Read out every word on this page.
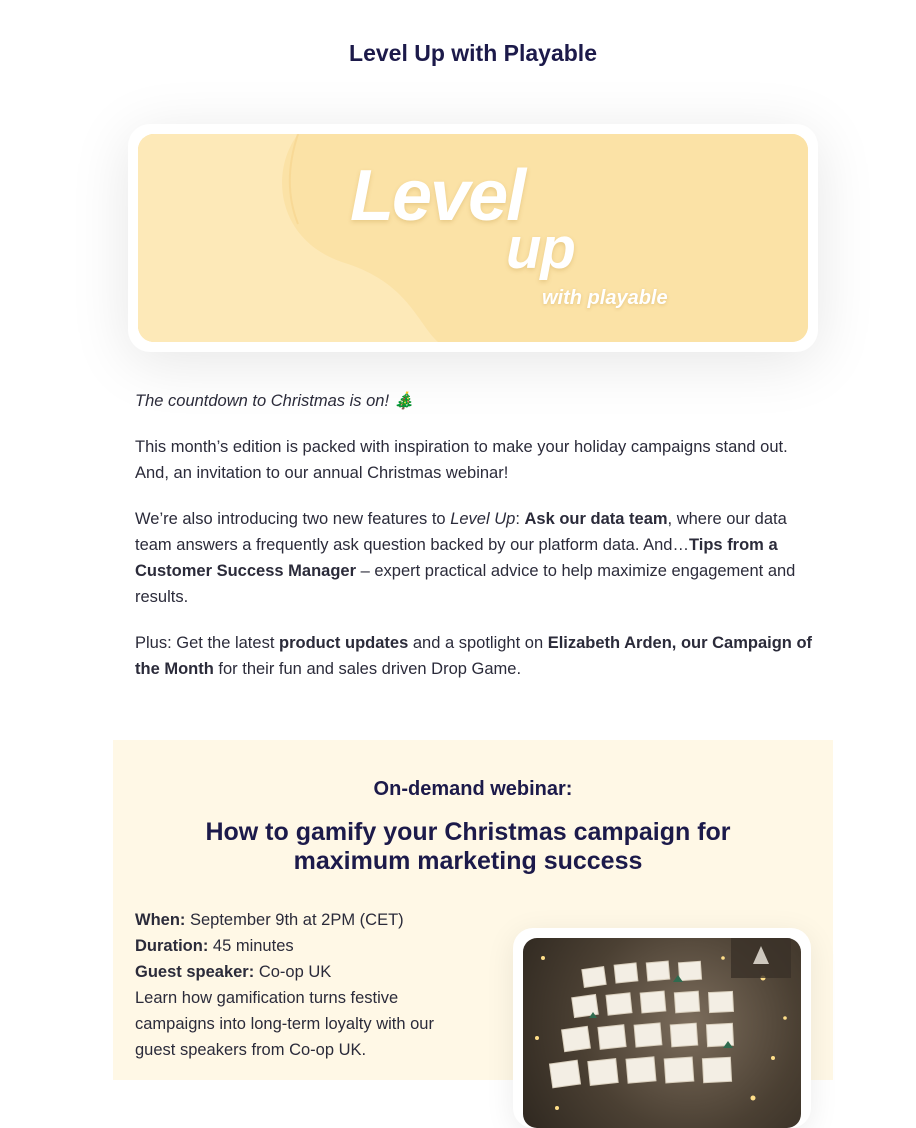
Level Up with Playable
Level
up
with playable

The countdown to Christmas is on! 🎄

This month’s edition is packed with inspiration to make your holiday campaigns stand out. And, an invitation to our annual Christmas webinar!

We’re also introducing two new features to Level Up: Ask our data team, where our data team answers a frequently ask question backed by our platform data. And…Tips from a Customer Success Manager – expert practical advice to help maximize engagement and results.

Plus: Get the latest product updates and a spotlight on Elizabeth Arden, our Campaign of the Month for their fun and sales driven Drop Game.

On-demand webinar:
How to gamify your Christmas campaign for maximum marketing success
When: September 9th at 2PM (CET)
Duration: 45 minutes
Guest speaker: Co-op UK
Learn how gamification turns festive campaigns into long-term loyalty with our guest speakers from Co-op UK.
